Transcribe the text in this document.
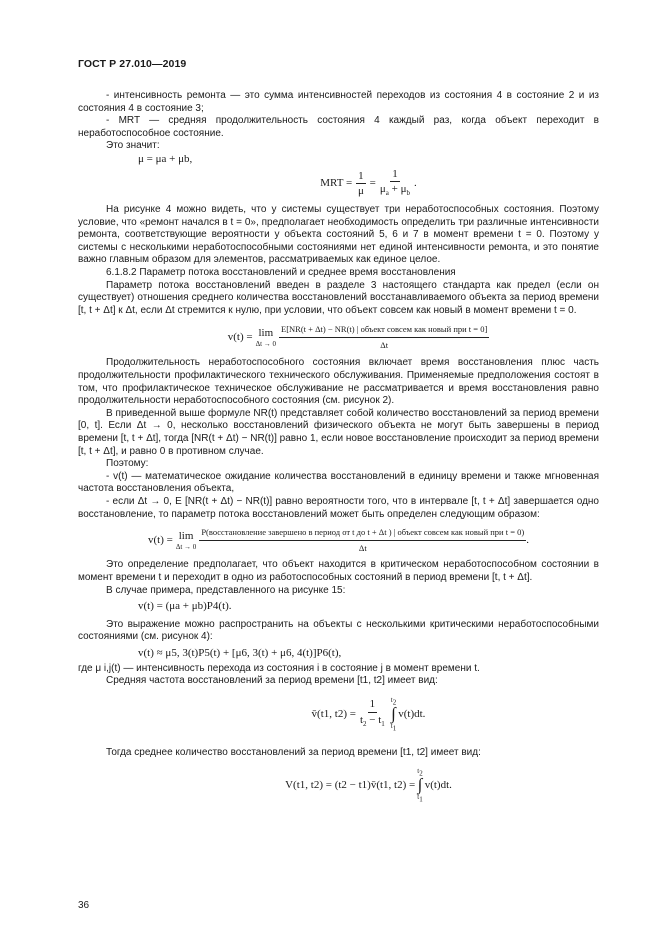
ГОСТ Р 27.010—2019

- интенсивность ремонта — это сумма интенсивностей переходов из состояния 4 в состояние 2 и из состояния 4 в состояние 3;

- MRT — средняя продолжительность состояния 4 каждый раз, когда объект переходит в неработоспособное состояние.

Это значит:

μ = μa + μb,

MRT = $\frac{1}{\mu} = \frac{1}{\mu_a + \mu_b}$ .

На рисунке 4 можно видеть, что у системы существует три неработоспособных состояния. Поэтому условие, что «ремонт начался в t = 0», предполагает необходимость определить три различные интенсивности ремонта, соответствующие вероятности у объекта состояний 5, 6 и 7 в момент времени t = 0. Поэтому у системы с несколькими неработоспособными состояниями нет единой интенсивности ремонта, и это понятие важно главным образом для элементов, рассматриваемых как единое целое.

6.1.8.2 Параметр потока восстановлений и среднее время восстановления

Параметр потока восстановлений введен в разделе 3 настоящего стандарта как предел (если он существует) отношения среднего количества восстановлений восстанавливаемого объекта за период времени [t, t + Δt] к Δt, если Δt стремится к нулю, при условии, что объект совсем как новый в момент времени t = 0.

v(t) = lim
$\Delta t \to 0 \frac{\text{E[NR(t + Δt) − NR(t) | объект совсем как новый при t = 0]}}{\Delta t}$

Продолжительность неработоспособного состояния включает время восстановления плюс часть продолжительности профилактического технического обслуживания. Применяемые предположения состоят в том, что профилактическое техническое обслуживание не рассматривается и время восстановления равно продолжительности неработоспособного состояния (см. рисунок 2).

В приведенной выше формуле NR(t) представляет собой количество восстановлений за период времени [0, t]. Если Δt → 0, несколько восстановлений физического объекта не могут быть завершены в период времени [t, t + Δt], тогда [NR(t + Δt) − NR(t)] равно 1, если новое восстановление происходит за период времени [t, t + Δt], и равно 0 в противном случае.

Поэтому:

- v(t) — математическое ожидание количества восстановлений в единицу времени и также мгновенная частота восстановления объекта,

- если Δt → 0, E [NR(t + Δt) − NR(t)] равно вероятности того, что в интервале [t, t + Δt] завершается одно восстановление, то параметр потока восстановлений может быть определен следующим образом:

v(t) = lim
Δt → 0
P(восстановление завершено в период от t до t + Δt ) | объект совсем как новый при t = 0)
Δt
.

Это определение предполагает, что объект находится в критическом неработоспособном состоянии в момент времени t и переходит в одно из работоспособных состояний в период времени [t, t + Δt].

В случае примера, представленного на рисунке 15:

v(t) = (μa + μb)P4(t).

Это выражение можно распространить на объекты с несколькими критическими неработоспособными состояниями (см. рисунок 4):

v(t) ≈ μ5, 3(t)P5(t) + [μ6, 3(t) + μ6, 4(t)]P6(t),

где μ i,j(t) — интенсивность перехода из состояния i в состояние j в момент времени t.

Средняя частота восстановлений за период времени [t1, t2] имеет вид:

v̄(t1, $t2) = \frac{1}{t_2 - t_1} t_2$
∫
$t_1$
v(t)dt.

Тогда среднее количество восстановлений за период времени [t1, t2] имеет вид:

V(t1, t2) = (t2 − t1)v̄(t1, t2) =
$t_2$
∫
$t_1$
v(t)dt.
36
